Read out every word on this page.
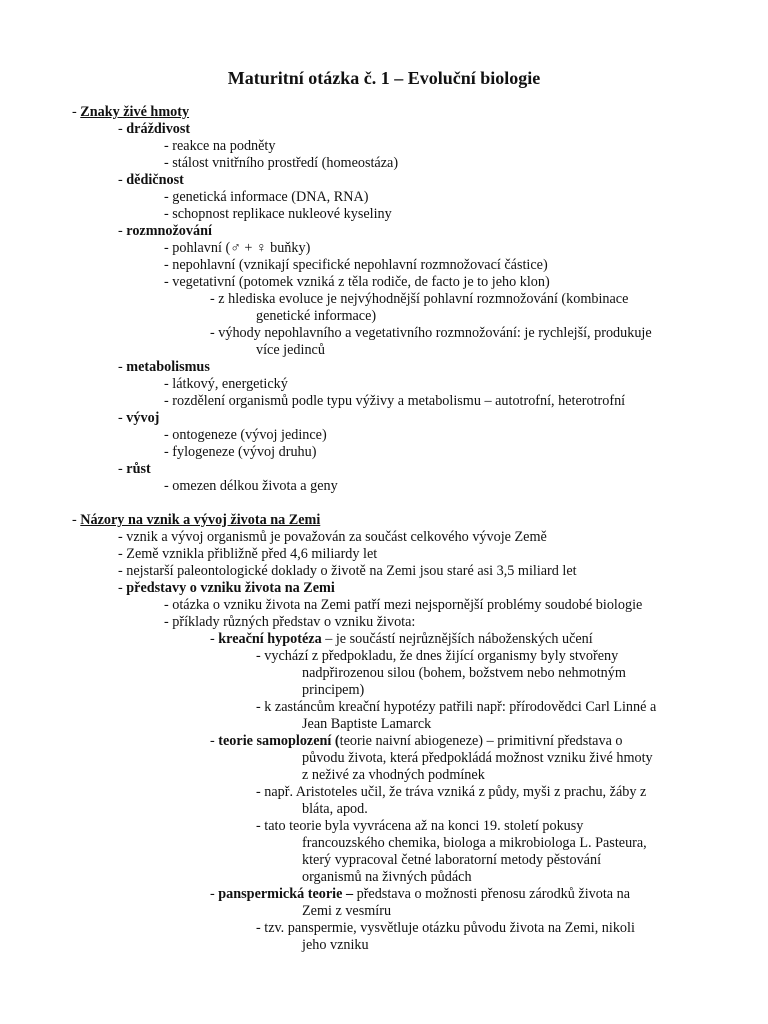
Maturitní otázka č. 1 – Evoluční biologie
- Znaky živé hmoty
- dráždivost
- reakce na podněty
- stálost vnitřního prostředí (homeostáza)
- dědičnost
- genetická informace (DNA, RNA)
- schopnost replikace nukleové kyseliny
- rozmnožování
- pohlavní (♂ + ♀ buňky)
- nepohlavní (vznikají specifické nepohlavní rozmnožovací částice)
- vegetativní (potomek vzniká z těla rodiče, de facto je to jeho klon)
- z hlediska evoluce je nejvýhodnější pohlavní rozmnožování (kombinace
genetické informace)
- výhody nepohlavního a vegetativního rozmnožování: je rychlejší, produkuje
více jedinců
- metabolismus
- látkový, energetický
- rozdělení organismů podle typu výživy a metabolismu – autotrofní, heterotrofní
- vývoj
- ontogeneze (vývoj jedince)
- fylogeneze (vývoj druhu)
- růst
- omezen délkou života a geny
- Názory na vznik a vývoj života na Zemi
- vznik a vývoj organismů je považován za součást celkového vývoje Země
- Země vznikla přibližně před 4,6 miliardy let
- nejstarší paleontologické doklady o životě na Zemi jsou staré asi 3,5 miliard let
- představy o vzniku života na Zemi
- otázka o vzniku života na Zemi patří mezi nejspornější problémy soudobé biologie
- příklady různých představ o vzniku života:
- kreační hypotéza – je součástí nejrůznějších náboženských učení
- vychází z předpokladu, že dnes žijící organismy byly stvořeny
nadpřirozenou silou (bohem, božstvem nebo nehmotným
principem)
- k zastáncům kreační hypotézy patřili např: přírodovědci Carl Linné a
Jean Baptiste Lamarck
- teorie samoplození (teorie naivní abiogeneze) – primitivní představa o
původu života, která předpokládá možnost vzniku živé hmoty
z neživé za vhodných podmínek
- např. Aristoteles učil, že tráva vzniká z půdy, myši z prachu, žáby z
bláta, apod.
- tato teorie byla vyvrácena až na konci 19. století pokusy
francouzského chemika, biologa a mikrobiologa L. Pasteura,
který vypracoval četné laboratorní metody pěstování
organismů na živných půdách
- panspermická teorie – představa o možnosti přenosu zárodků života na
Zemi z vesmíru
- tzv. panspermie, vysvětluje otázku původu života na Zemi, nikoli
jeho vzniku
